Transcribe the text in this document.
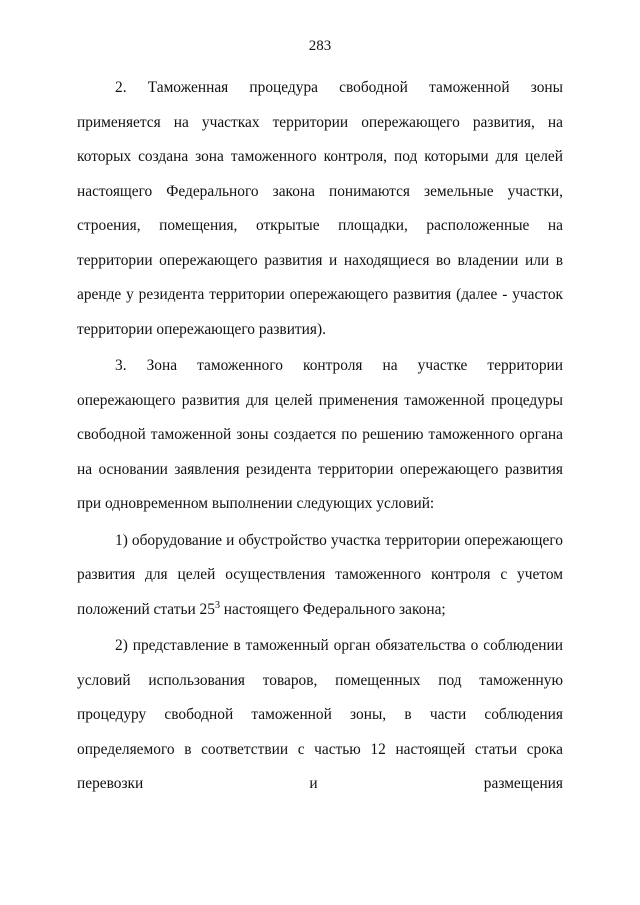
283

2. Таможенная процедура свободной таможенной зоны применяется на участках территории опережающего развития, на которых создана зона таможенного контроля, под которыми для целей настоящего Федерального закона понимаются земельные участки, строения, помещения, открытые площадки, расположенные на территории опережающего развития и находящиеся во владении или в аренде у резидента территории опережающего развития (далее - участок территории опережающего развития).

3. Зона таможенного контроля на участке территории опережающего развития для целей применения таможенной процедуры свободной таможенной зоны создается по решению таможенного органа на основании заявления резидента территории опережающего развития при одновременном выполнении следующих условий:

1) оборудование и обустройство участка территории опережающего развития для целей осуществления таможенного контроля с учетом положений статьи $25^3$ настоящего Федерального закона;

2) представление в таможенный орган обязательства о соблюдении условий использования товаров, помещенных под таможенную процедуру свободной таможенной зоны, в части соблюдения определяемого в соответствии с частью 12 настоящей статьи срока перевозки и размещения
